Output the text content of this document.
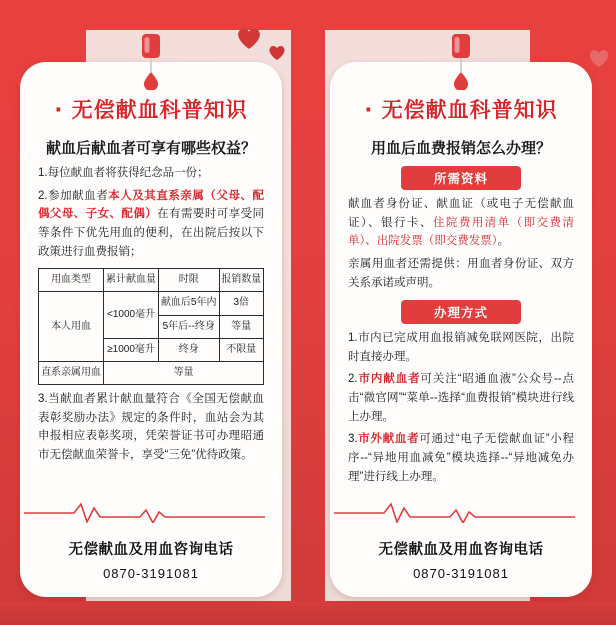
· 无偿献血科普知识
献血后献血者可享有哪些权益？

1.每位献血者将获得纪念品一份；

2.参加献血者本人及其直系亲属（父母、配偶父母、子女、配偶）在有需要时可享受同等条件下优先用血的便利，在出院后按以下政策进行血费报销；

用血类型	累计献血量	时限	报销数量
本人用血	<1000毫升	献血后5年内	3倍
		5年后--终身	等量
	≥1000毫升	终身	不限量
直系亲属用血	等量		

3.当献血者累计献血量符合《全国无偿献血表彰奖励办法》规定的条件时，血站会为其申报相应表彰奖项，凭荣誉证书可办理昭通市无偿献血荣誉卡，享受“三免”优待政策。

无偿献血及用血咨询电话
0870-3191081
· 无偿献血科普知识
用血后血费报销怎么办理？
所需资料

献血者身份证、献血证（或电子无偿献血证）、银行卡、住院费用清单（即交费清单）、出院发票（即交费发票）。

亲属用血者还需提供：用血者身份证、双方关系承诺或声明。

办理方式

1.市内已完成用血报销减免联网医院，出院时直接办理。

2.市内献血者可关注“昭通血液”公众号--点击“微官网”“菜单--选择“血费报销”模块进行线上办理。

3.市外献血者可通过“电子无偿献血证”小程序--“异地用血减免”模块选择--“异地减免办理”进行线上办理。

无偿献血及用血咨询电话
0870-3191081
